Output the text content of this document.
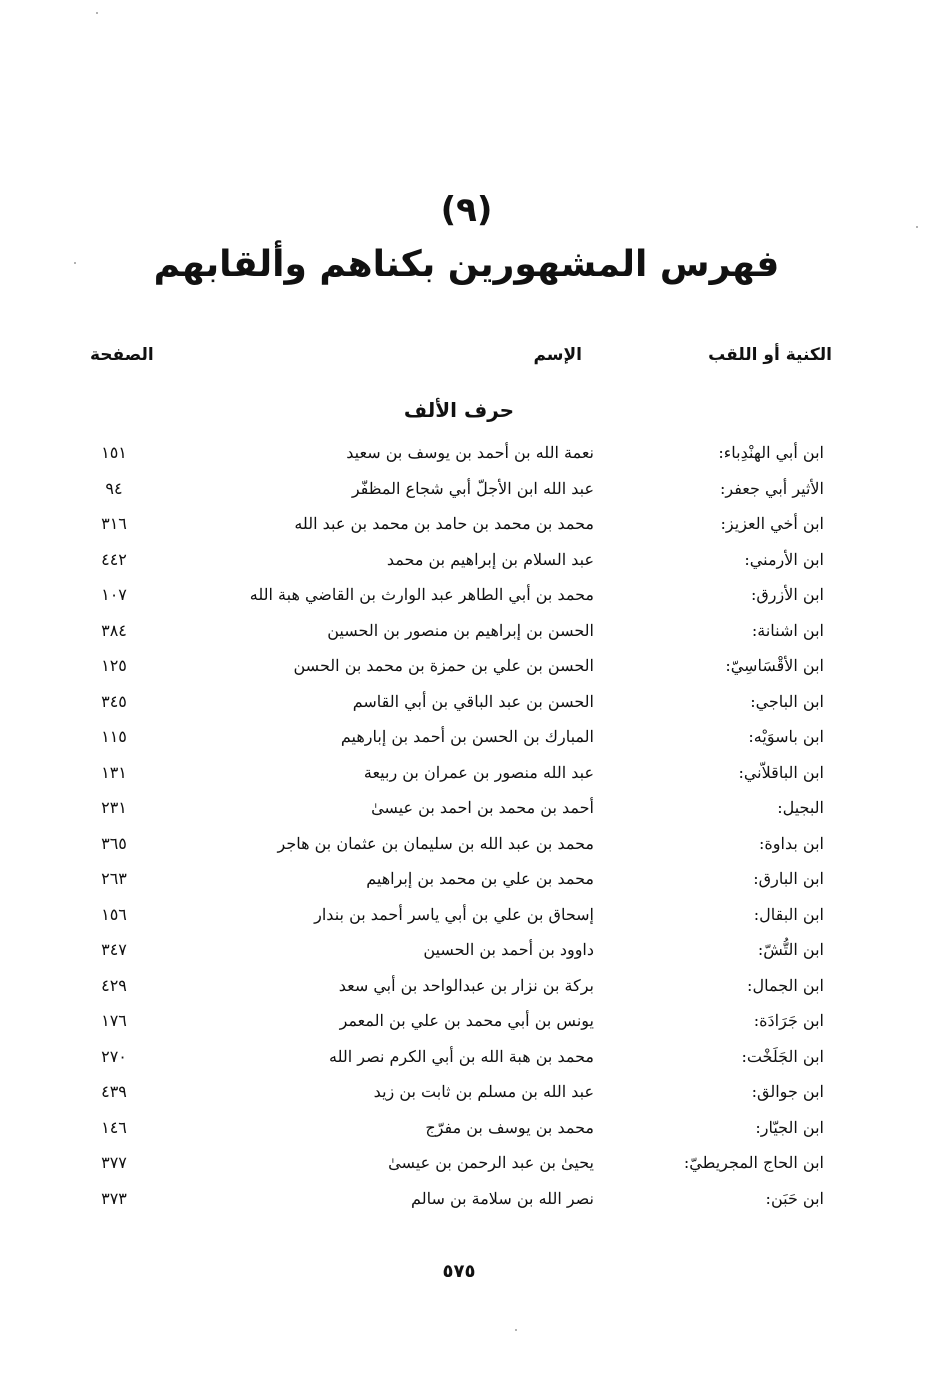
(٩)
فهرس المشهورين بكناهم وألقابهم
الكنية أو اللقب
الإسم
الصفحة
حرف الألف
ابن أبي الهنْدِباء:
نعمة الله بن أحمد بن يوسف بن سعيد
١٥١
الأثير أبي جعفر:
عبد الله ابن الأجلّ أبي شجاع المظفّر
٩٤
ابن أخي العزيز:
محمد بن محمد بن حامد بن محمد بن عبد الله
٣١٦
ابن الأرمني:
عبد السلام بن إبراهيم بن محمد
٤٤٢
ابن الأزرق:
محمد بن أبي الطاهر عبد الوارث بن القاضي هبة الله
١٠٧
ابن اشنانة:
الحسن بن إبراهيم بن منصور بن الحسين
٣٨٤
ابن الأقْسَاسِيّ:
الحسن بن علي بن حمزة بن محمد بن الحسن
١٢٥
ابن الباجي:
الحسن بن عبد الباقي بن أبي القاسم
٣٤٥
ابن باسوَيْه:
المبارك بن الحسن بن أحمد بن إبارهيم
١١٥
ابن الباقلاّني:
عبد الله منصور بن عمران بن ربيعة
١٣١
البجيل:
أحمد بن محمد بن احمد بن عيسىٰ
٢٣١
ابن بداوة:
محمد بن عبد الله بن سليمان بن عثمان بن هاجر
٣٦٥
ابن البارق:
محمد بن علي بن محمد بن إبراهيم
٢٦٣
ابن البقال:
إسحاق بن علي بن أبي ياسر أحمد بن بندار
١٥٦
ابن التُّشّ:
داوود بن أحمد بن الحسين
٣٤٧
ابن الجمال:
بركة بن نزار بن عبدالواحد بن أبي سعد
٤٢٩
ابن جَرَادَة:
يونس بن أبي محمد بن علي بن المعمر
١٧٦
ابن الجَلَخْت:
محمد بن هبة الله بن أبي الكرم نصر الله
٢٧٠
ابن جوالق:
عبد الله بن مسلم بن ثابت بن زيد
٤٣٩
ابن الجيّار:
محمد بن يوسف بن مفرّج
١٤٦
ابن الحاج المجريطيّ:
يحيىٰ بن عبد الرحمن بن عيسىٰ
٣٧٧
ابن حَبَن:
نصر الله بن سلامة بن سالم
٣٧٣
٥٧٥
